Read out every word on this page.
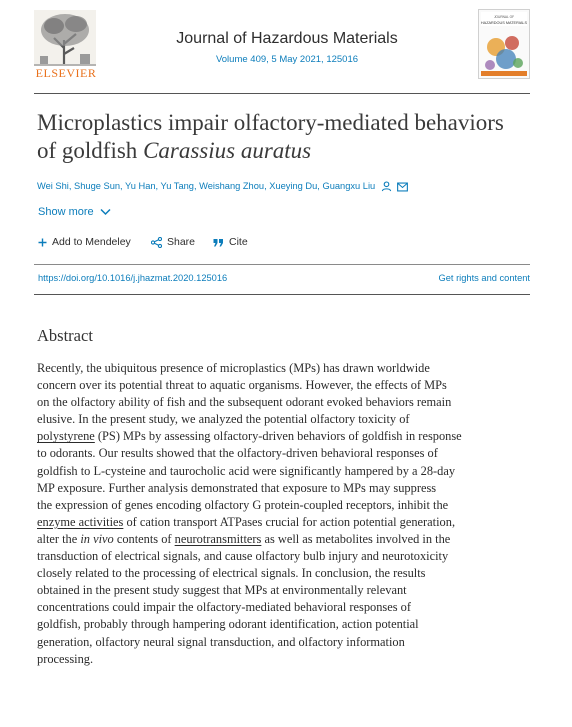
ELSEVIER
Journal of Hazardous Materials
Volume 409, 5 May 2021, 125016
JOURNAL OF
HAZARDOUS MATERIALS
Microplastics impair olfactory-mediated behaviors of goldfish Carassius auratus
Wei Shi, Shuge Sun, Yu Han, Yu Tang, Weishang Zhou, Xueying Du, Guangxu Liu
Show more
Add to Mendeley	Share	Cite
https://doi.org/10.1016/j.jhazmat.2020.125016	Get rights and content
Abstract
Recently, the ubiquitous presence of microplastics (MPs) has drawn worldwide
concern over its potential threat to aquatic organisms. However, the effects of MPs
on the olfactory ability of fish and the subsequent odorant evoked behaviors remain
elusive. In the present study, we analyzed the potential olfactory toxicity of
polystyrene (PS) MPs by assessing olfactory-driven behaviors of goldfish in response
to odorants. Our results showed that the olfactory-driven behavioral responses of
goldfish to L-cysteine and taurocholic acid were significantly hampered by a 28-day
MP exposure. Further analysis demonstrated that exposure to MPs may suppress
the expression of genes encoding olfactory G protein-coupled receptors, inhibit the
enzyme activities of cation transport ATPases crucial for action potential generation,
alter the in vivo contents of neurotransmitters as well as metabolites involved in the
transduction of electrical signals, and cause olfactory bulb injury and neurotoxicity
closely related to the processing of electrical signals. In conclusion, the results
obtained in the present study suggest that MPs at environmentally relevant
concentrations could impair the olfactory-mediated behavioral responses of
goldfish, probably through hampering odorant identification, action potential
generation, olfactory neural signal transduction, and olfactory information
processing.
